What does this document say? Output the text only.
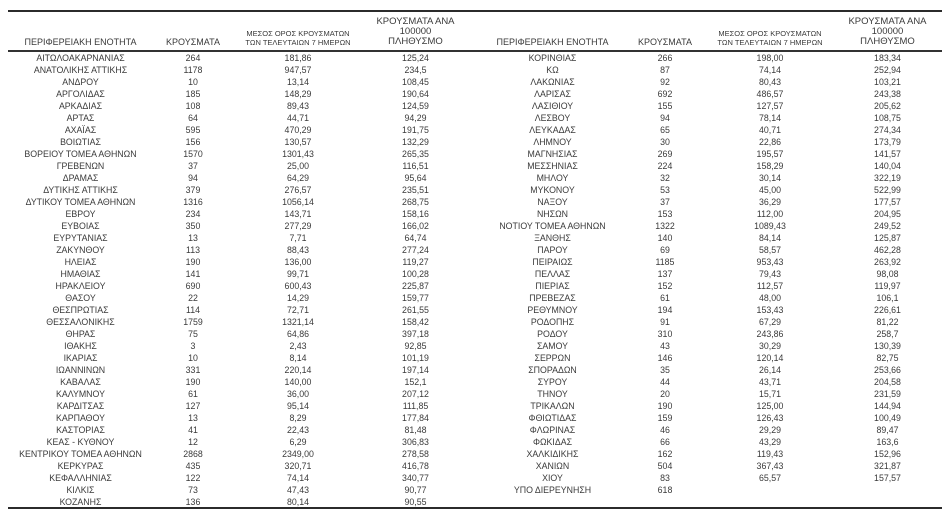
ΠΕΡΙΦΕΡΕΙΑΚΗ ΕΝΟΤΗΤΑ	ΚΡΟΥΣΜΑΤΑ
ΜΕΣΟΣ ΟΡΟΣ ΚΡΟΥΣΜΑΤΩΝ
ΤΩΝ ΤΕΛΕΥΤΑΙΩΝ 7 ΗΜΕΡΩΝ
ΚΡΟΥΣΜΑΤΑ ΑΝΑ 100000
ΠΛΗΘΥΣΜΟ
ΑΙΤΩΛΟΑΚΑΡΝΑΝΙΑΣ	264	181,86	125,24
ΑΝΑΤΟΛΙΚΗΣ ΑΤΤΙΚΗΣ	1178	947,57	234,5
ΑΝΔΡΟΥ	10	13,14	108,45
ΑΡΓΟΛΙΔΑΣ	185	148,29	190,64
ΑΡΚΑΔΙΑΣ	108	89,43	124,59
ΑΡΤΑΣ	64	44,71	94,29
ΑΧΑΪΑΣ	595	470,29	191,75
ΒΟΙΩΤΙΑΣ	156	130,57	132,29
ΒΟΡΕΙΟΥ ΤΟΜΕΑ ΑΘΗΝΩΝ	1570	1301,43	265,35
ΓΡΕΒΕΝΩΝ	37	25,00	116,51
ΔΡΑΜΑΣ	94	64,29	95,64
ΔΥΤΙΚΗΣ ΑΤΤΙΚΗΣ	379	276,57	235,51
ΔΥΤΙΚΟΥ ΤΟΜΕΑ ΑΘΗΝΩΝ	1316	1056,14	268,75
ΕΒΡΟΥ	234	143,71	158,16
ΕΥΒΟΙΑΣ	350	277,29	166,02
ΕΥΡΥΤΑΝΙΑΣ	13	7,71	64,74
ΖΑΚΥΝΘΟΥ	113	88,43	277,24
ΗΛΕΙΑΣ	190	136,00	119,27
ΗΜΑΘΙΑΣ	141	99,71	100,28
ΗΡΑΚΛΕΙΟΥ	690	600,43	225,87
ΘΑΣΟΥ	22	14,29	159,77
ΘΕΣΠΡΩΤΙΑΣ	114	72,71	261,55
ΘΕΣΣΑΛΟΝΙΚΗΣ	1759	1321,14	158,42
ΘΗΡΑΣ	75	64,86	397,18
ΙΘΑΚΗΣ	3	2,43	92,85
ΙΚΑΡΙΑΣ	10	8,14	101,19
ΙΩΑΝΝΙΝΩΝ	331	220,14	197,14
ΚΑΒΑΛΑΣ	190	140,00	152,1
ΚΑΛΥΜΝΟΥ	61	36,00	207,12
ΚΑΡΔΙΤΣΑΣ	127	95,14	111,85
ΚΑΡΠΑΘΟΥ	13	8,29	177,84
ΚΑΣΤΟΡΙΑΣ	41	22,43	81,48
ΚΕΑΣ - ΚΥΘΝΟΥ	12	6,29	306,83
ΚΕΝΤΡΙΚΟΥ ΤΟΜΕΑ ΑΘΗΝΩΝ	2868	2349,00	278,58
ΚΕΡΚΥΡΑΣ	435	320,71	416,78
ΚΕΦΑΛΛΗΝΙΑΣ	122	74,14	340,77
ΚΙΛΚΙΣ	73	47,43	90,77
ΚΟΖΑΝΗΣ	136	80,14	90,55
ΠΕΡΙΦΕΡΕΙΑΚΗ ΕΝΟΤΗΤΑ	ΚΡΟΥΣΜΑΤΑ
ΜΕΣΟΣ ΟΡΟΣ ΚΡΟΥΣΜΑΤΩΝ
ΤΩΝ ΤΕΛΕΥΤΑΙΩΝ 7 ΗΜΕΡΩΝ
ΚΡΟΥΣΜΑΤΑ ΑΝΑ 100000
ΠΛΗΘΥΣΜΟ
ΚΟΡΙΝΘΙΑΣ	266	198,00	183,34
ΚΩ	87	74,14	252,94
ΛΑΚΩΝΙΑΣ	92	80,43	103,21
ΛΑΡΙΣΑΣ	692	486,57	243,38
ΛΑΣΙΘΙΟΥ	155	127,57	205,62
ΛΕΣΒΟΥ	94	78,14	108,75
ΛΕΥΚΑΔΑΣ	65	40,71	274,34
ΛΗΜΝΟΥ	30	22,86	173,79
ΜΑΓΝΗΣΙΑΣ	269	195,57	141,57
ΜΕΣΣΗΝΙΑΣ	224	158,29	140,04
ΜΗΛΟΥ	32	30,14	322,19
ΜΥΚΟΝΟΥ	53	45,00	522,99
ΝΑΞΟΥ	37	36,29	177,57
ΝΗΣΩΝ	153	112,00	204,95
ΝΟΤΙΟΥ ΤΟΜΕΑ ΑΘΗΝΩΝ	1322	1089,43	249,52
ΞΑΝΘΗΣ	140	84,14	125,87
ΠΑΡΟΥ	69	58,57	462,28
ΠΕΙΡΑΙΩΣ	1185	953,43	263,92
ΠΕΛΛΑΣ	137	79,43	98,08
ΠΙΕΡΙΑΣ	152	112,57	119,97
ΠΡΕΒΕΖΑΣ	61	48,00	106,1
ΡΕΘΥΜΝΟΥ	194	153,43	226,61
ΡΟΔΟΠΗΣ	91	67,29	81,22
ΡΟΔΟΥ	310	243,86	258,7
ΣΑΜΟΥ	43	30,29	130,39
ΣΕΡΡΩΝ	146	120,14	82,75
ΣΠΟΡΑΔΩΝ	35	26,14	253,66
ΣΥΡΟΥ	44	43,71	204,58
ΤΗΝΟΥ	20	15,71	231,59
ΤΡΙΚΑΛΩΝ	190	125,00	144,94
ΦΘΙΩΤΙΔΑΣ	159	126,43	100,49
ΦΛΩΡΙΝΑΣ	46	29,29	89,47
ΦΩΚΙΔΑΣ	66	43,29	163,6
ΧΑΛΚΙΔΙΚΗΣ	162	119,43	152,96
ΧΑΝΙΩΝ	504	367,43	321,87
ΧΙΟΥ	83	65,57	157,57
ΥΠΟ ΔΙΕΡΕΥΝΗΣΗ	618
